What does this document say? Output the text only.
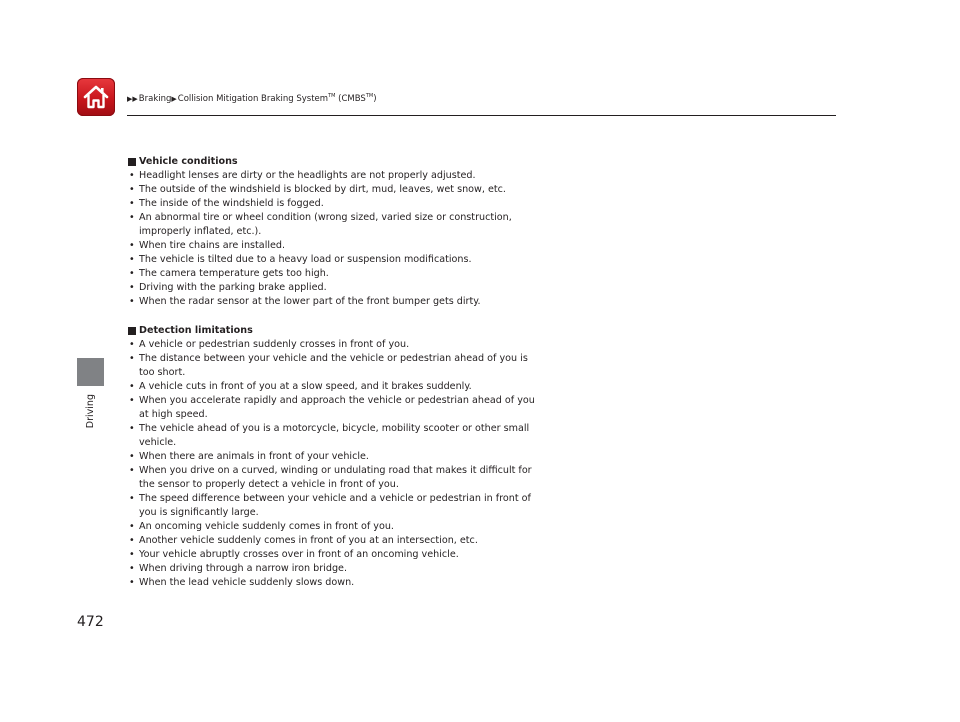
▶▶Braking▶Collision Mitigation Braking System™ (CMBS™)
Driving
472

Vehicle conditions

• Headlight lenses are dirty or the headlights are not properly adjusted.
• The outside of the windshield is blocked by dirt, mud, leaves, wet snow, etc.
• The inside of the windshield is fogged.
• An abnormal tire or wheel condition (wrong sized, varied size or construction,
improperly inflated, etc.).
• When tire chains are installed.
• The vehicle is tilted due to a heavy load or suspension modifications.
• The camera temperature gets too high.
• Driving with the parking brake applied.
• When the radar sensor at the lower part of the front bumper gets dirty.

Detection limitations

• A vehicle or pedestrian suddenly crosses in front of you.
• The distance between your vehicle and the vehicle or pedestrian ahead of you is
too short.
• A vehicle cuts in front of you at a slow speed, and it brakes suddenly.
• When you accelerate rapidly and approach the vehicle or pedestrian ahead of you
at high speed.
• The vehicle ahead of you is a motorcycle, bicycle, mobility scooter or other small
vehicle.
• When there are animals in front of your vehicle.
• When you drive on a curved, winding or undulating road that makes it difficult for
the sensor to properly detect a vehicle in front of you.
• The speed difference between your vehicle and a vehicle or pedestrian in front of
you is significantly large.
• An oncoming vehicle suddenly comes in front of you.
• Another vehicle suddenly comes in front of you at an intersection, etc.
• Your vehicle abruptly crosses over in front of an oncoming vehicle.
• When driving through a narrow iron bridge.
• When the lead vehicle suddenly slows down.
